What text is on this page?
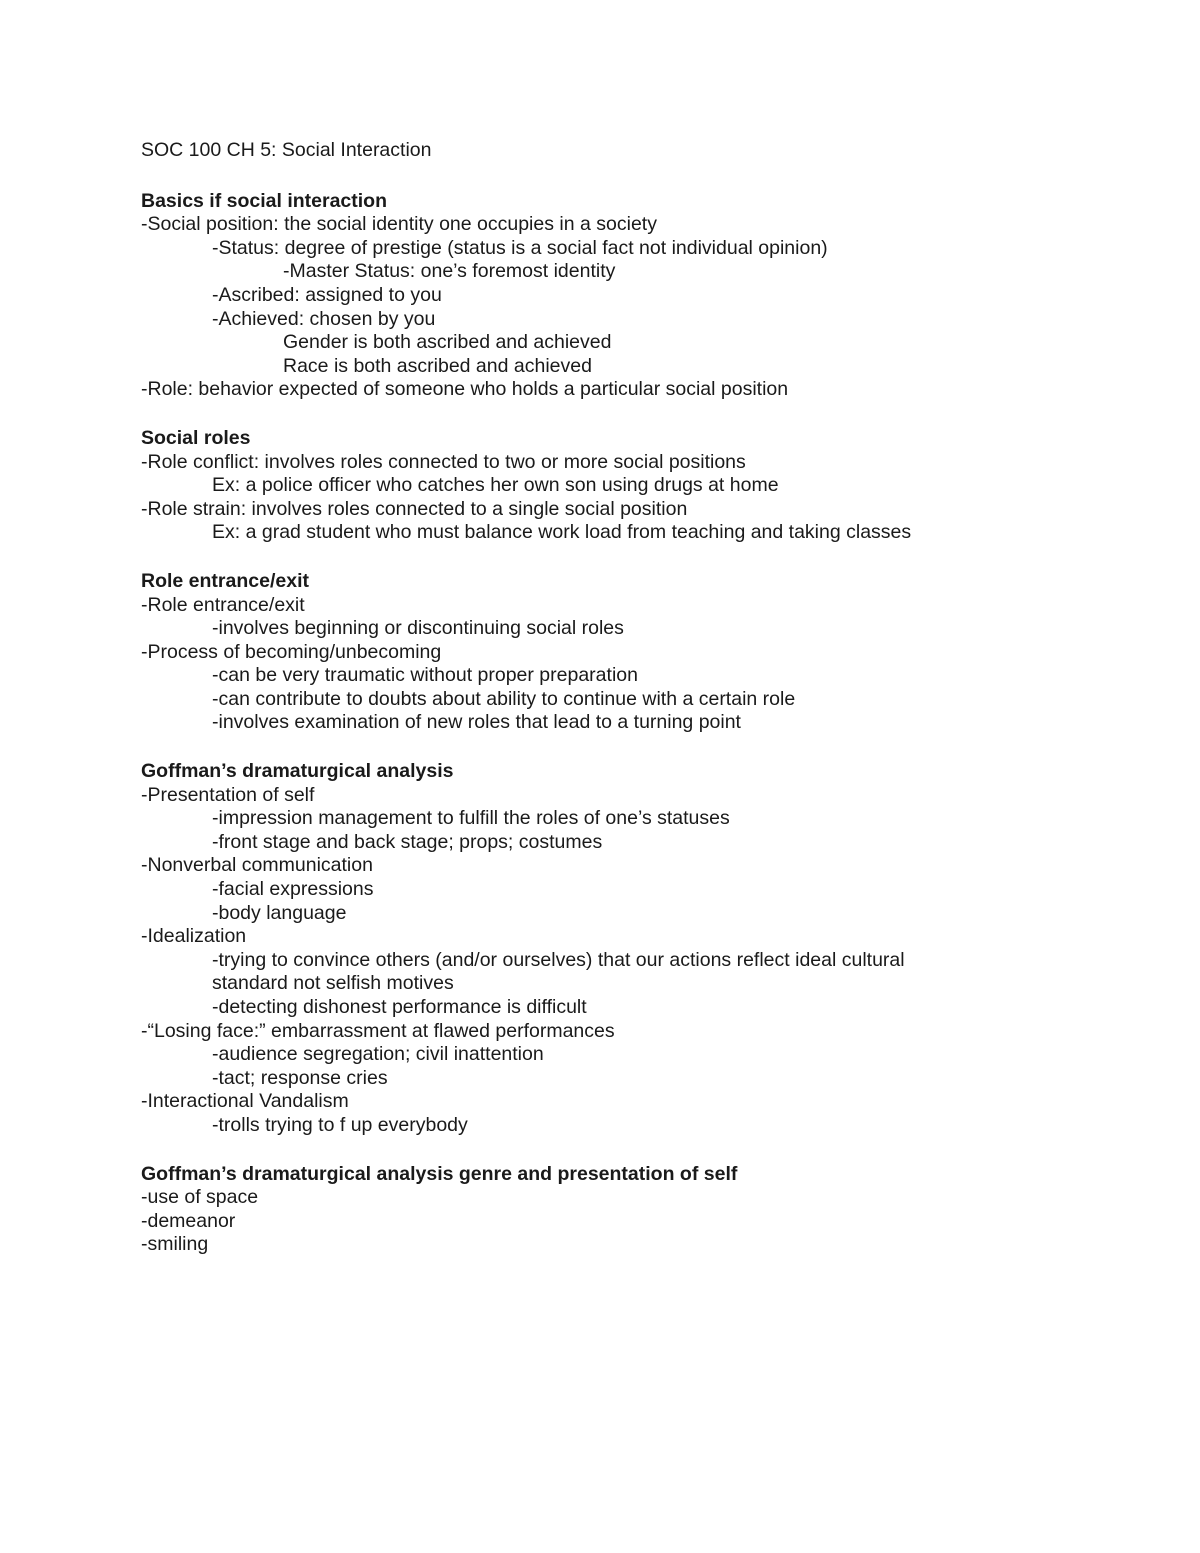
SOC 100 CH 5: Social Interaction
Basics if social interaction
-Social position: the social identity one occupies in a society
-Status: degree of prestige (status is a social fact not individual opinion)
-Master Status: one’s foremost identity
-Ascribed: assigned to you
-Achieved: chosen by you
Gender is both ascribed and achieved
Race is both ascribed and achieved
-Role: behavior expected of someone who holds a particular social position
Social roles
-Role conflict: involves roles connected to two or more social positions
Ex: a police officer who catches her own son using drugs at home
-Role strain: involves roles connected to a single social position
Ex: a grad student who must balance work load from teaching and taking classes
Role entrance/exit
-Role entrance/exit
-involves beginning or discontinuing social roles
-Process of becoming/unbecoming
-can be very traumatic without proper preparation
-can contribute to doubts about ability to continue with a certain role
-involves examination of new roles that lead to a turning point
Goffman’s dramaturgical analysis
-Presentation of self
-impression management to fulfill the roles of one’s statuses
-front stage and back stage; props; costumes
-Nonverbal communication
-facial expressions
-body language
-Idealization
-trying to convince others (and/or ourselves) that our actions reflect ideal cultural
standard not selfish motives
-detecting dishonest performance is difficult
-“Losing face:” embarrassment at flawed performances
-audience segregation; civil inattention
-tact; response cries
-Interactional Vandalism
-trolls trying to f up everybody
Goffman’s dramaturgical analysis genre and presentation of self
-use of space
-demeanor
-smiling
